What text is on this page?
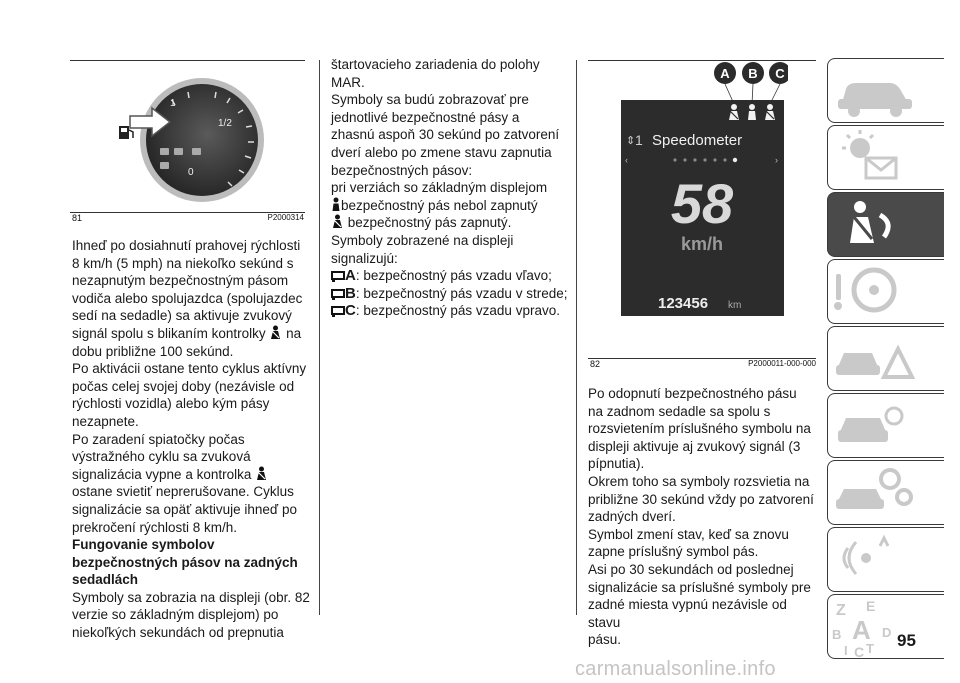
1
1/2
0
81	P2000314

Ihneď po dosiahnutí prahovej rýchlosti

8 km/h (5 mph) na niekoľko sekúnd s

nezapnutým bezpečnostným pásom

vodiča alebo spolujazdca (spolujazdec

sedí na sedadle) sa aktivuje zvukový

signál spolu s blikaním kontrolky na

dobu približne 100 sekúnd.

Po aktivácii ostane tento cyklus aktívny

počas celej svojej doby (nezávisle od

rýchlosti vozidla) alebo kým pásy

nezapnete.

Po zaradení spiatočky počas

výstražného cyklu sa zvuková

signalizácia vypne a kontrolka

ostane svietiť neprerušovane. Cyklus

signalizácie sa opäť aktivuje ihneď po

prekročení rýchlosti 8 km/h.

Fungovanie symbolov

bezpečnostných pásov na zadných

sedadlách

Symboly sa zobrazia na displeji (obr. 82

verzie so základným displejom) po

niekoľkých sekundách od prepnutia

štartovacieho zariadenia do polohy

MAR.

Symboly sa budú zobrazovať pre

jednotlivé bezpečnostné pásy a

zhasnú aspoň 30 sekúnd po zatvorení

dverí alebo po zmene stavu zapnutia

bezpečnostných pásov:

pri verziách so základným displejom

bezpečnostný pás nebol zapnutý

bezpečnostný pás zapnutý.

Symboly zobrazené na displeji

signalizujú:

A: bezpečnostný pás vzadu vľavo;

B: bezpečnostný pás vzadu v strede;

C: bezpečnostný pás vzadu vpravo.

A B C
⇕ 1 Speedometer
‹	›
58
km/h
123456 km
82	P2000011-000-000

Po odopnutí bezpečnostného pásu

na zadnom sedadle sa spolu s

rozsvietením príslušného symbolu na

displeji aktivuje aj zvukový signál (3

pípnutia).

Okrem toho sa symboly rozsvietia na

približne 30 sekúnd vždy po zatvorení

zadných dverí.

Symbol zmení stav, keď sa znovu

zapne príslušný symbol pás.

Asi po 30 sekundách od poslednej

signalizácie sa príslušné symboly pre

zadné miesta vypnú nezávisle od stavu

pásu.

Z E
B A
I C T
D 95
carmanualsonline.info
